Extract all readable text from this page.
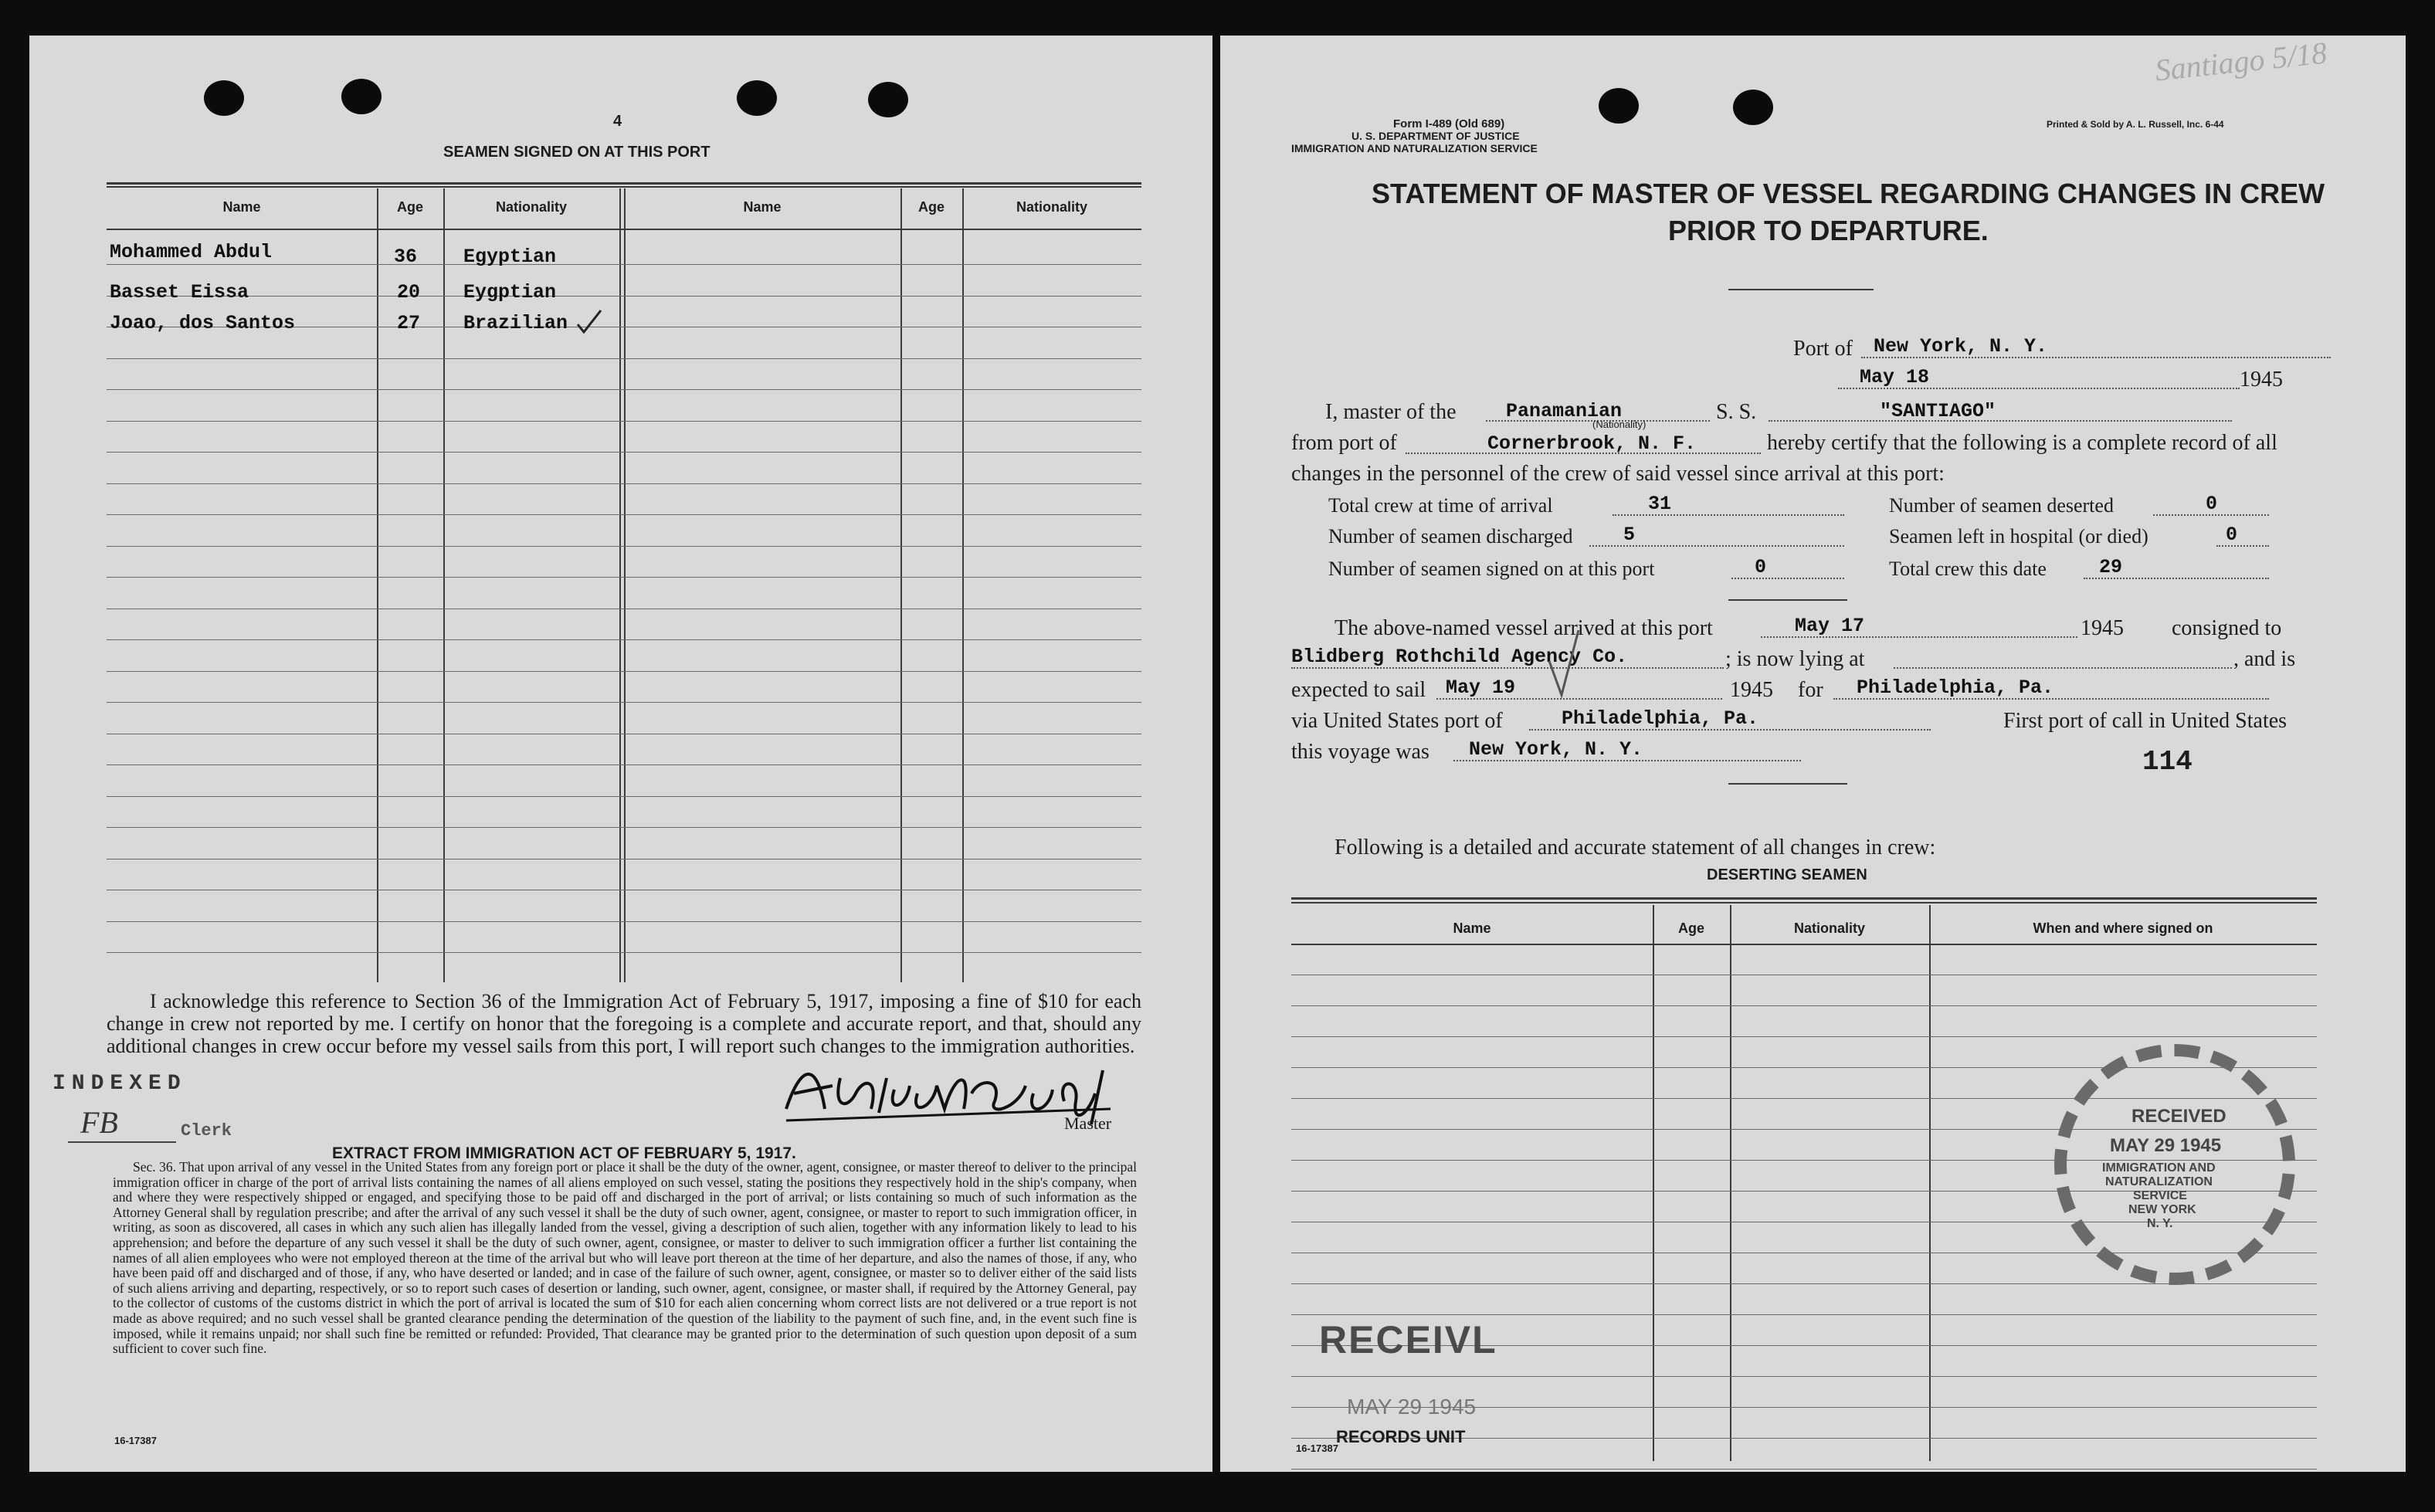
4
SEAMEN SIGNED ON AT THIS PORT
Name	Age	Nationality	Name	Age	Nationality
Mohammed Abdul	36 Egyptian
Basset Eissa	20 Eygptian
Joao, dos Santos	27 Brazilian
I acknowledge this reference to Section 36 of the Immigration Act of February 5, 1917, imposing a fine of $10 for each change in crew not reported by me. I certify on honor that the foregoing is a complete and accurate report, and that, should any additional changes in crew occur before my vessel sails from this port, I will report such changes to the immigration authorities.
INDEXED
FB	Clerk	Master
EXTRACT FROM IMMIGRATION ACT OF FEBRUARY 5, 1917.
Sec. 36. That upon arrival of any vessel in the United States from any foreign port or place it shall be the duty of the owner, agent, consignee, or master thereof to deliver to the principal immigration officer in charge of the port of arrival lists containing the names of all aliens employed on such vessel, stating the positions they respectively hold in the ship's company, when and where they were respectively shipped or engaged, and specifying those to be paid off and discharged in the port of arrival; or lists containing so much of such information as the Attorney General shall by regulation prescribe; and after the arrival of any such vessel it shall be the duty of such owner, agent, consignee, or master to report to such immigration officer, in writing, as soon as discovered, all cases in which any such alien has illegally landed from the vessel, giving a description of such alien, together with any information likely to lead to his apprehension; and before the departure of any such vessel it shall be the duty of such owner, agent, consignee, or master to deliver to such immigration officer a further list containing the names of all alien employees who were not employed thereon at the time of the arrival but who will leave port thereon at the time of her departure, and also the names of those, if any, who have been paid off and discharged and of those, if any, who have deserted or landed; and in case of the failure of such owner, agent, consignee, or master so to deliver either of the said lists of such aliens arriving and departing, respectively, or so to report such cases of desertion or landing, such owner, agent, consignee, or master shall, if required by the Attorney General, pay to the collector of customs of the customs district in which the port of arrival is located the sum of $10 for each alien concerning whom correct lists are not delivered or a true report is not made as above required; and no such vessel shall be granted clearance pending the determination of the question of the liability to the payment of such fine, and, in the event such fine is imposed, while it remains unpaid; nor shall such fine be remitted or refunded: Provided, That clearance may be granted prior to the determination of such question upon deposit of a sum sufficient to cover such fine.
16-17387
Santiago 5/18
Form I-489 (Old 689)
U. S. DEPARTMENT OF JUSTICE
IMMIGRATION AND NATURALIZATION SERVICE
Printed & Sold by A. L. Russell, Inc. 6-44
STATEMENT OF MASTER OF VESSEL REGARDING CHANGES IN CREW
PRIOR TO DEPARTURE.
Port of New York, N. Y.
May 18	1945
I, master of the	Panamanian
(Nationality)
S. S.	"SANTIAGO"
from port of	Cornerbrook, N. F.	hereby certify that the following is a complete record of all
changes in the personnel of the crew of said vessel since arrival at this port:
Total crew at time of arrival	31	Number of seamen deserted	0
Number of seamen discharged	5	Seamen left in hospital (or died)	0
Number of seamen signed on at this port	0	Total crew this date	29
The above-named vessel arrived at this port	May 17	1945 consigned to
Blidberg Rothchild Agency Co.	; is now lying at	, and is
expected to sail May 19	1945 for Philadelphia, Pa.
via United States port of	Philadelphia, Pa.	First port of call in United States
this voyage was New York, N. Y.	114
Following is a detailed and accurate statement of all changes in crew:
DESERTING SEAMEN
Name	Age	Nationality	When and where signed on
RECEIVL
MAY 29 1945
RECEIVED
MAY 29 1945
IMMIGRATION AND
NATURALIZATION
SERVICE
NEW YORK
N. Y.
RECORDS UNIT
16-17387
